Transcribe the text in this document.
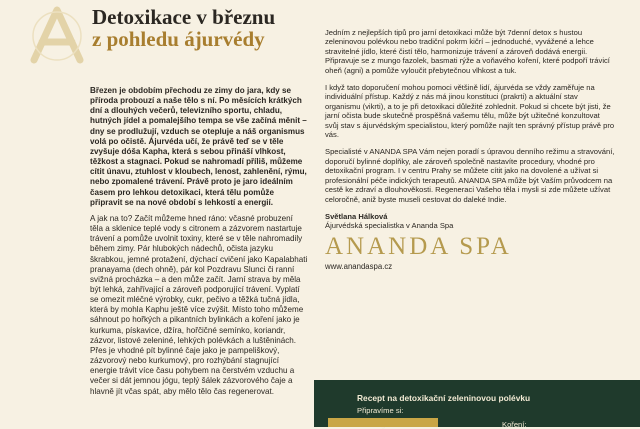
Detoxikace v březnu
z pohledu ájurvédy

Březen je obdobím přechodu ze zimy do jara, kdy se příroda probouzí a naše tělo s ní. Po měsících krátkých dní a dlouhých večerů, televizního sportu, chladu, hutných jídel a pomalejšího tempa se vše začíná měnit – dny se prodlužují, vzduch se otepluje a náš organismus volá po očistě. Ájurvéda učí, že právě teď se v těle zvyšuje dóša Kapha, která s sebou přináší vlhkost, těžkost a stagnaci. Pokud se nahromadí příliš, můžeme cítit únavu, ztuhlost v kloubech, lenost, zahlenění, rýmu, nebo zpomalené trávení. Právě proto je jaro ideálním časem pro lehkou detoxikaci, která tělu pomůže připravit se na nové období s lehkostí a energií.

A jak na to? Začít můžeme hned ráno: včasné probuzení těla a sklenice teplé vody s citronem a zázvorem nastartuje trávení a pomůže uvolnit toxiny, které se v těle nahromadily během zimy. Pár hlubokých nádechů, očista jazyku škrabkou, jemné protažení, dýchací cvičení jako Kapalabhati pranayama (dech ohně), pár kol Pozdravu Slunci či ranní svižná procházka – a den může začít. Jarní strava by měla být lehká, zahřívající a zároveň podporující trávení. Vyplatí se omezit mléčné výrobky, cukr, pečivo a těžká tučná jídla, která by mohla Kaphu ještě více zvýšit. Místo toho můžeme sáhnout po hořkých a pikantních bylinkách a koření jako je kurkuma, pískavice, džíra, hořčičné semínko, koriandr, zázvor, listové zeleniné, lehkých polévkách a luštěninách. Přes je vhodné pít bylinné čaje jako je pampeliškový, zázvorový nebo kurkumový, pro rozhýbání stagnující energie trávit více času pohybem na čerstvém vzduchu a večer si dát jemnou jógu, teplý šálek zázvorového čaje a hlavně jít včas spát, aby mělo tělo čas regenerovat.

Jedním z nejlepších tipů pro jarní detoxikaci může být 7denní detox s hustou zeleninovou polévkou nebo tradiční pokrm kičrí – jednoduché, vyvážené a lehce stravitelné jídlo, které čistí tělo, harmonizuje trávení a zároveň dodává energii. Připravuje se z mungo fazolek, basmati rýže a voňavého koření, které podpoří trávicí oheň (agni) a pomůže vyloučit přebytečnou vlhkost a tuk.

I když tato doporučení mohou pomoci většině lidí, ájurvéda se vždy zaměřuje na individuální přístup. Každý z nás má jinou konstituci (prakrti) a aktuální stav organismu (vikrti), a to je při detoxikaci důležité zohlednit. Pokud si chcete být jisti, že jarní očista bude skutečně prospěšná vašemu tělu, může být užitečné konzultovat svůj stav s ájurvédským specialistou, který pomůže najít ten správný přístup právě pro vás.

Specialisté v ANANDA SPA Vám nejen poradí s úpravou denního režimu a stravování, doporučí bylinné doplňky, ale zároveň společně nastavíte procedury, vhodné pro detoxikační program. I v centru Prahy se můžete cítit jako na dovolené a užívat si profesionální péče indických terapeutů. ANANDA SPA může být Vaším průvodcem na cestě ke zdraví a dlouhověkosti. Regeneraci Vašeho těla i mysli si zde můžete užívat celoročně, aniž byste museli cestovat do daleké Indie.

Světlana Hálková

Ájurvédská specialistka v Ananda Spa

ANANDA SPA
www.anandaspa.cz
Recept na detoxikační zeleninovou polévku
Připravíme si:
Koření:
